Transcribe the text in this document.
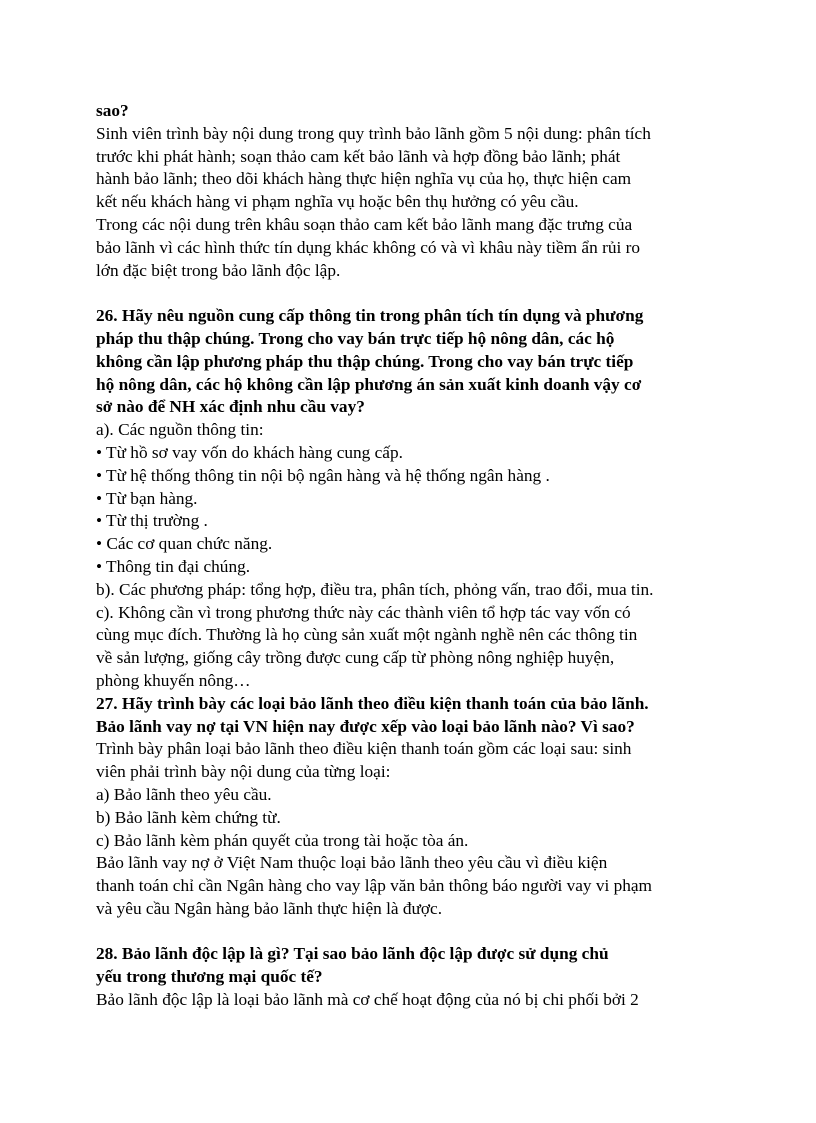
sao?
Sinh viên trình bày nội dung trong quy trình bảo lãnh gồm 5 nội dung: phân tích
trước khi phát hành; soạn thảo cam kết bảo lãnh và hợp đồng bảo lãnh; phát
hành bảo lãnh; theo dõi khách hàng thực hiện nghĩa vụ của họ, thực hiện cam
kết nếu khách hàng vi phạm nghĩa vụ hoặc bên thụ hưởng có yêu cầu.
Trong các nội dung trên khâu soạn thảo cam kết bảo lãnh mang đặc trưng của
bảo lãnh vì các hình thức tín dụng khác không có và vì khâu này tiềm ẩn rủi ro
lớn đặc biệt trong bảo lãnh độc lập.
26. Hãy nêu nguồn cung cấp thông tin trong phân tích tín dụng và phương
pháp thu thập chúng. Trong cho vay bán trực tiếp hộ nông dân, các hộ
không cần lập phương pháp thu thập chúng. Trong cho vay bán trực tiếp
hộ nông dân, các hộ không cần lập phương án sản xuất kinh doanh vậy cơ
sở nào để NH xác định nhu cầu vay?
a). Các nguồn thông tin:
• Từ hồ sơ vay vốn do khách hàng cung cấp.
• Từ hệ thống thông tin nội bộ ngân hàng và hệ thống ngân hàng .
• Từ bạn hàng.
• Từ thị trường .
• Các cơ quan chức năng.
• Thông tin đại chúng.
b). Các phương pháp: tổng hợp, điều tra, phân tích, phỏng vấn, trao đổi, mua tin.
c). Không cần vì trong phương thức này các thành viên tổ hợp tác vay vốn có
cùng mục đích. Thường là họ cùng sản xuất một ngành nghề nên các thông tin
về sản lượng, giống cây trồng được cung cấp từ phòng nông nghiệp huyện,
phòng khuyến nông…
27. Hãy trình bày các loại bảo lãnh theo điều kiện thanh toán của bảo lãnh.
Bảo lãnh vay nợ tại VN hiện nay được xếp vào loại bảo lãnh nào? Vì sao?
Trình bày phân loại bảo lãnh theo điều kiện thanh toán gồm các loại sau: sinh
viên phải trình bày nội dung của từng loại:
a) Bảo lãnh theo yêu cầu.
b) Bảo lãnh kèm chứng từ.
c) Bảo lãnh kèm phán quyết của trong tài hoặc tòa án.
Bảo lãnh vay nợ ở Việt Nam thuộc loại bảo lãnh theo yêu cầu vì điều kiện
thanh toán chỉ cần Ngân hàng cho vay lập văn bản thông báo người vay vi phạm
và yêu cầu Ngân hàng bảo lãnh thực hiện là được.
28. Bảo lãnh độc lập là gì? Tại sao bảo lãnh độc lập được sử dụng chủ
yếu trong thương mại quốc tế?
Bảo lãnh độc lập là loại bảo lãnh mà cơ chế hoạt động của nó bị chi phối bởi 2
